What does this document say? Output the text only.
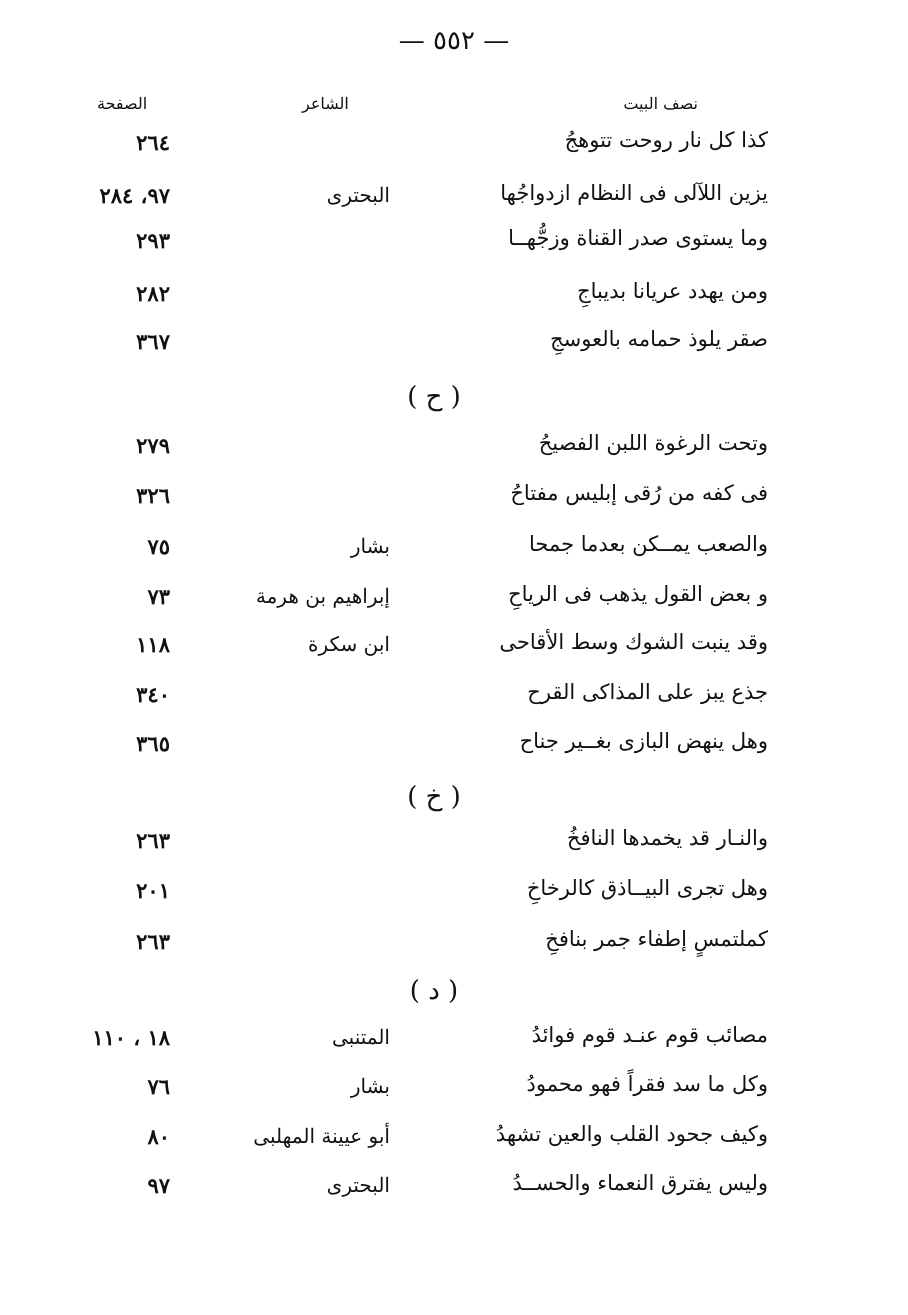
— ٥٥٢ —
نصف البيت
الشاعر
الصفحة
كذا كل نار روحت تتوهجُ
٢٦٤
يزين اللآلى فى النظام ازدواجُها
البحترى
٩٧، ٢٨٤
وما يستوى صدر القناة وزجُّهــا
٢٩٣
ومن يهدد عريانا بديباجِ
٢٨٢
صقر يلوذ حمامه بالعوسجِ
٣٦٧
( ح )
وتحت الرغوة اللبن الفصيحُ
٢٧٩
فى كفه من رُقى إبليس مفتاحُ
٣٢٦
والصعب يمــكن بعدما جمحا
بشار
٧٥
و بعض القول يذهب فى الرياحِ
إبراهيم بن هرمة
٧٣
وقد ينبت الشوك وسط الأقاحى
ابن سكرة
١١٨
جذع يبز على المذاكى القرح
٣٤٠
وهل ينهض البازى بغــير جناح
٣٦٥
( خ )
والنـار قد يخمدها النافخُ
٢٦٣
وهل تجرى البيــاذق كالرخاخِ
٢٠١
كملتمسٍ إطفاء جمر بنافخِ
٢٦٣
( د )
مصائب قوم عنـد قوم فوائدُ
المتنبى
١٨ ، ١١٠
وكل ما سد فقراً فهو محمودُ
بشار
٧٦
وكيف جحود القلب والعين تشهدُ
أبو عيينة المهلبى
٨٠
وليس يفترق النعماء والحســدُ
البحترى
٩٧
